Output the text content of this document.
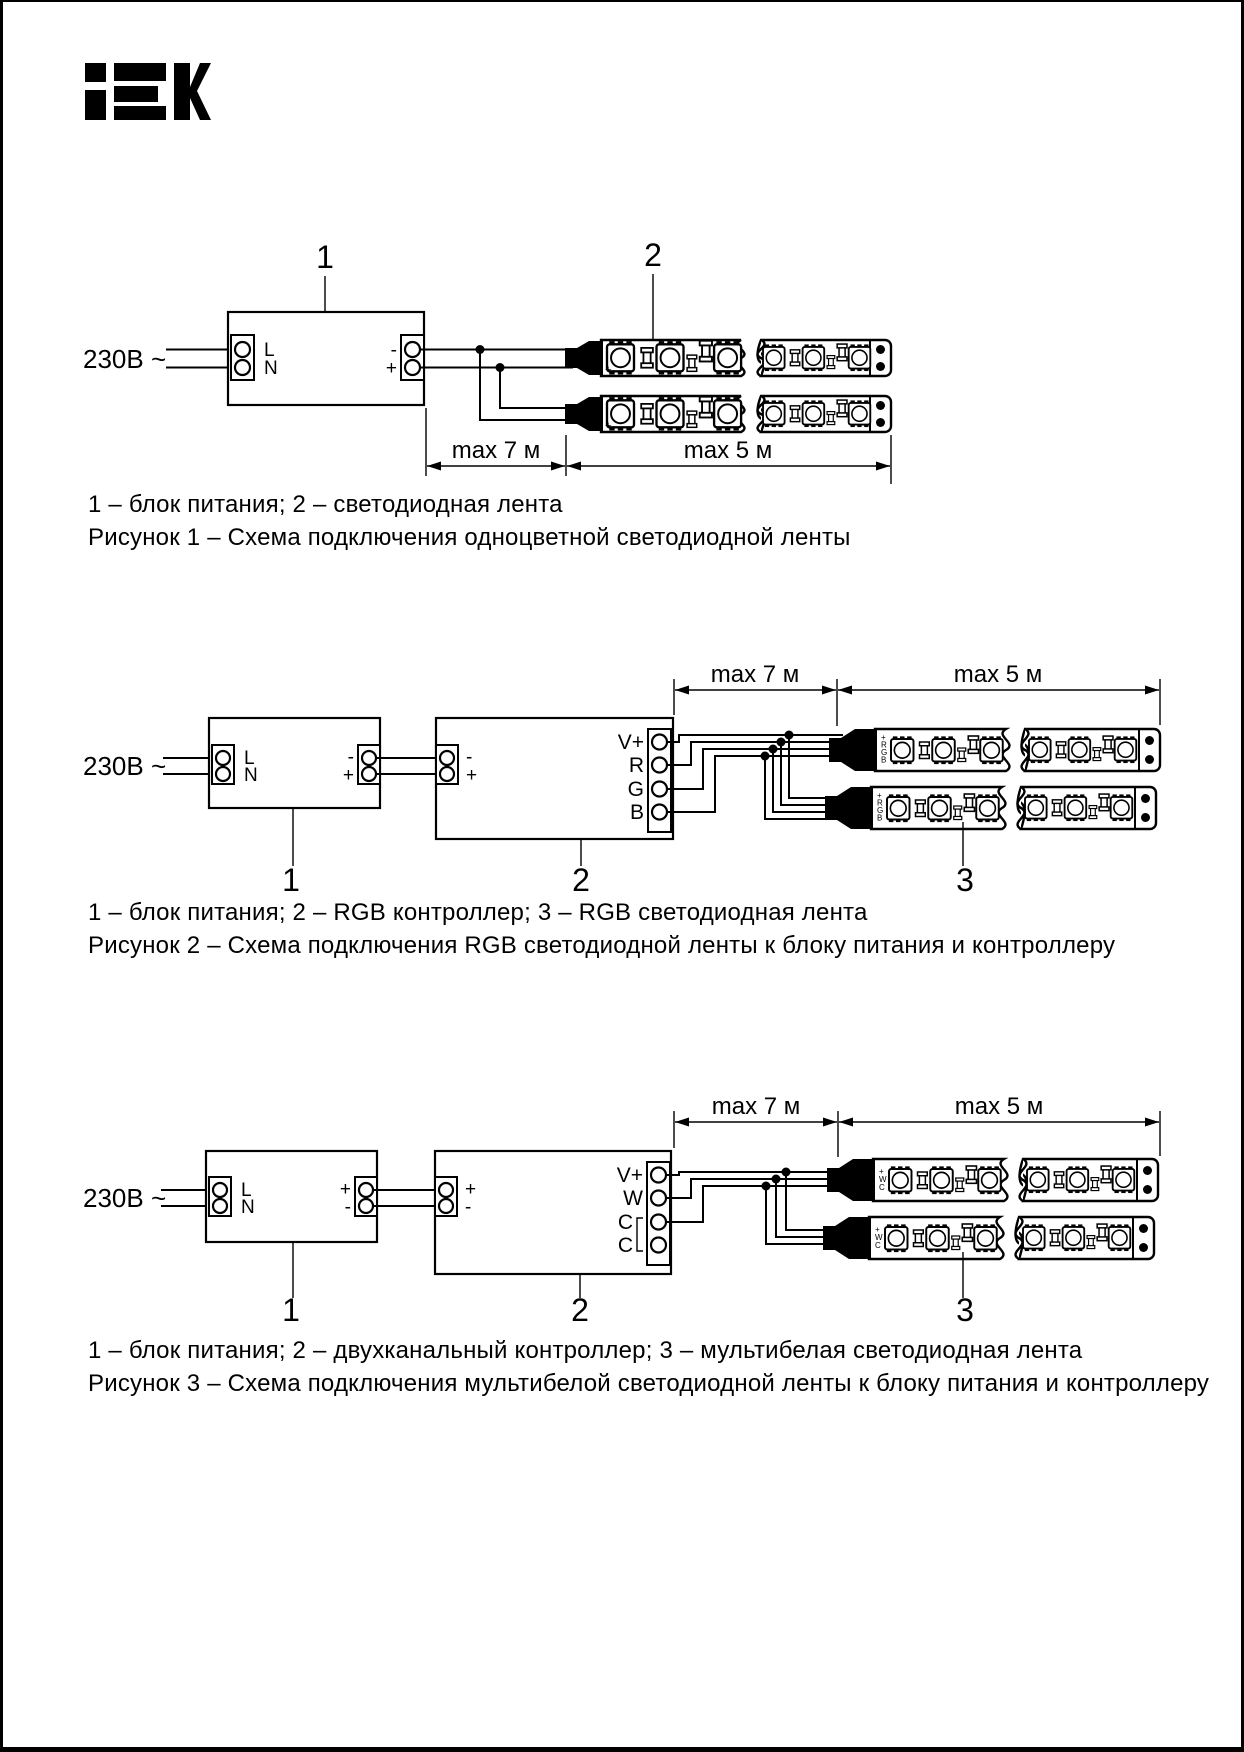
1	2
230В ~	L
N
-
+	+
+
max 7 м	max 5 м
1 – блок питания; 2 – светодиодная лента
Рисунок 1 – Схема подключения одноцветной светодиодной ленты
230В ~	L
N
-
+
-
+
V+
R
G
B
+
R
G
B
+
R
G
B
1	2	3
max 7 м	max 5 м
1 – блок питания; 2 – RGB контроллер; 3 – RGB светодиодная лента
Рисунок 2 – Схема подключения RGB светодиодной ленты к блоку питания и контроллеру
230В ~	L
N
+
-
+
-
V+
W
C
C
+
W
C
+
W
C
1	2	3
max 7 м	max 5 м
1 – блок питания; 2 – двухканальный контроллер; 3 – мультибелая светодиодная лента
Рисунок 3 – Схема подключения мультибелой светодиодной ленты к блоку питания и контроллеру
